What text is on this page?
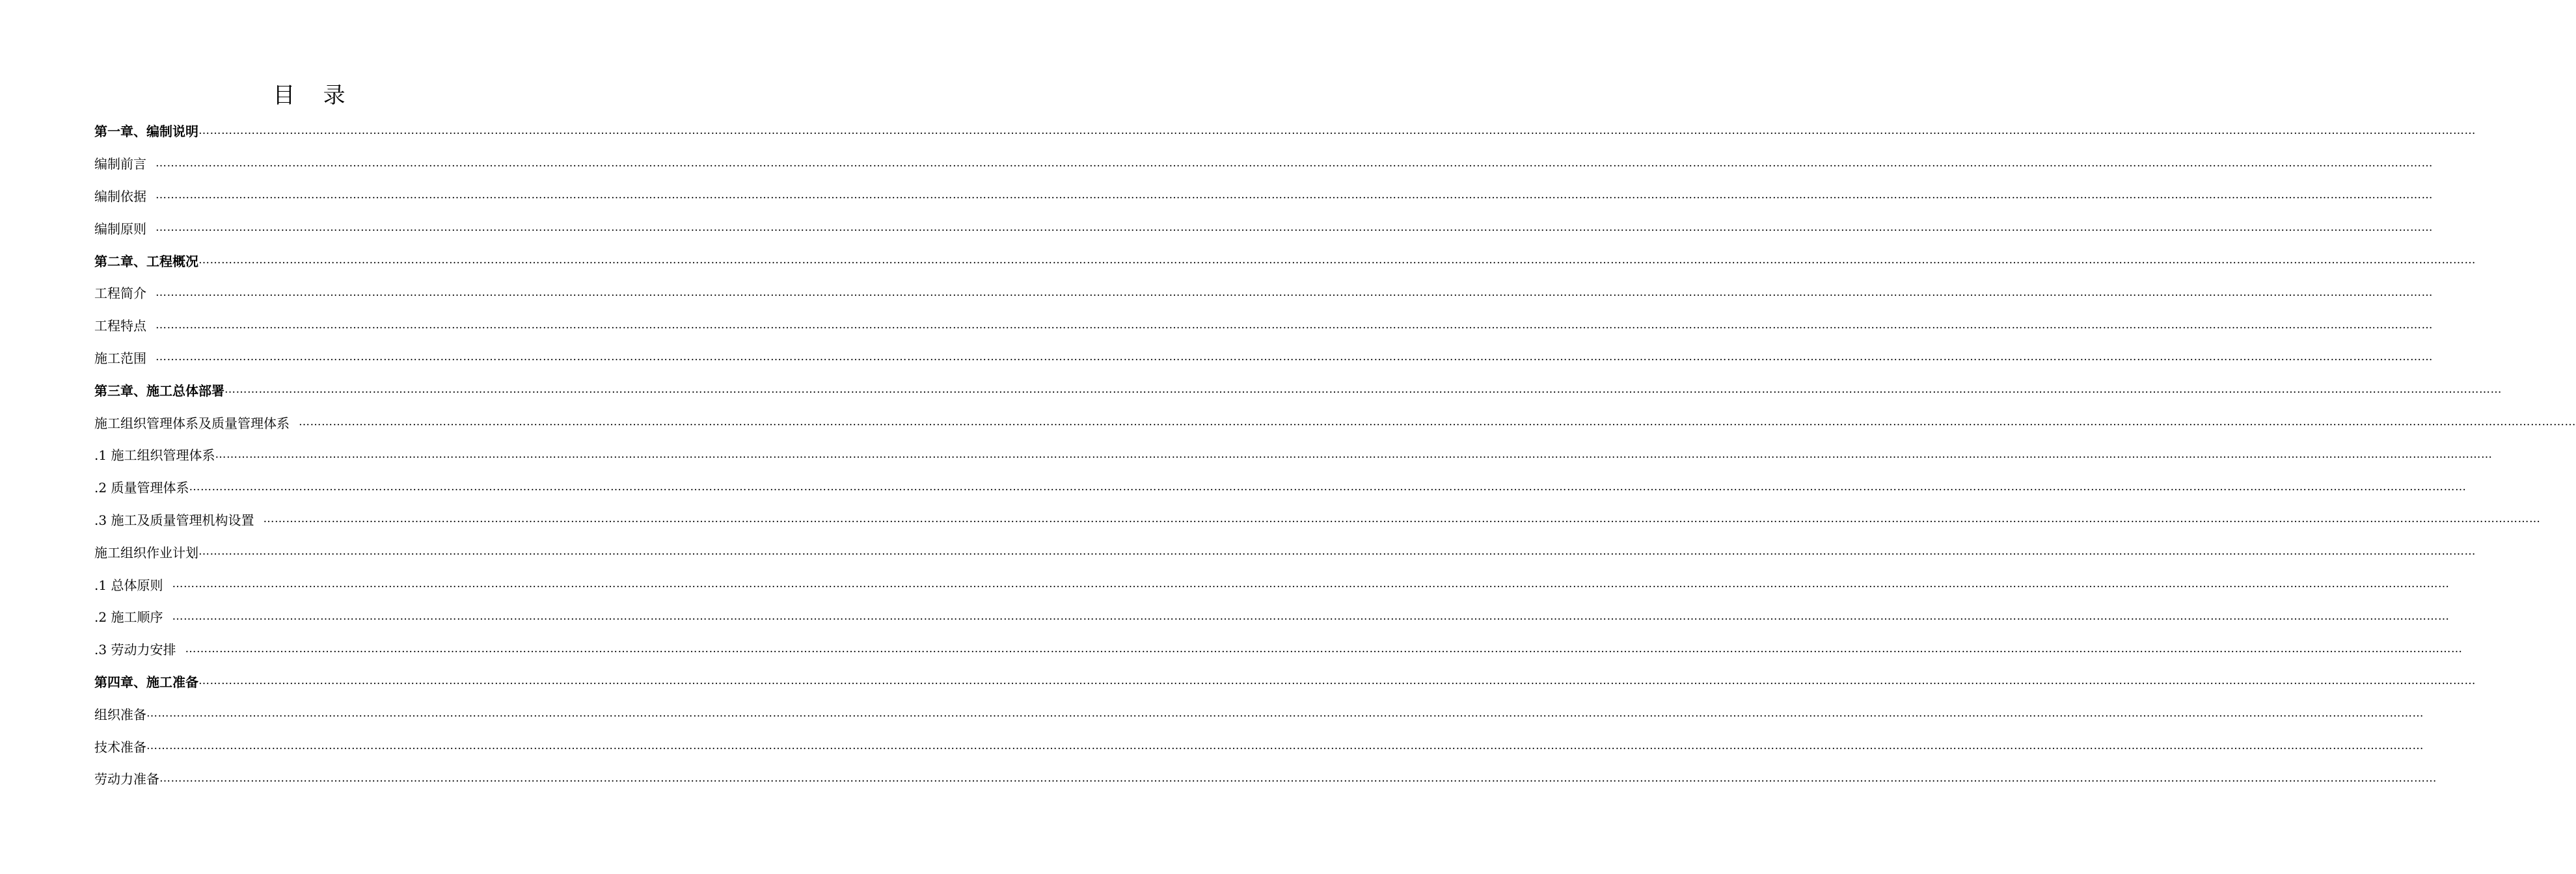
目    录
第一章、编制说明 ……………………………………………………………………………………………………………………………………………………………………………………………………………………………………………………………………………………………………………………………………………………………………………………………………………………………………………………………………………………………………………………………………………………
编制前言 ……………………………………………………………………………………………………………………………………………………………………………………………………………………………………………………………………………………………………………………………………………………………………………………………………………………………………………………………………………………………………………………………………………………
编制依据 ……………………………………………………………………………………………………………………………………………………………………………………………………………………………………………………………………………………………………………………………………………………………………………………………………………………………………………………………………………………………………………………………………………………
编制原则 ……………………………………………………………………………………………………………………………………………………………………………………………………………………………………………………………………………………………………………………………………………………………………………………………………………………………………………………………………………………………………………………………………………………
第二章、工程概况 ……………………………………………………………………………………………………………………………………………………………………………………………………………………………………………………………………………………………………………………………………………………………………………………………………………………………………………………………………………………………………………………………………………………
工程简介 ……………………………………………………………………………………………………………………………………………………………………………………………………………………………………………………………………………………………………………………………………………………………………………………………………………………………………………………………………………………………………………………………………………………
工程特点 ……………………………………………………………………………………………………………………………………………………………………………………………………………………………………………………………………………………………………………………………………………………………………………………………………………………………………………………………………………………………………………………………………………………
施工范围 ……………………………………………………………………………………………………………………………………………………………………………………………………………………………………………………………………………………………………………………………………………………………………………………………………………………………………………………………………………………………………………………………………………………
第三章、施工总体部署 ……………………………………………………………………………………………………………………………………………………………………………………………………………………………………………………………………………………………………………………………………………………………………………………………………………………………………………………………………………………………………………………………………………………
施工组织管理体系及质量管理体系 ……………………………………………………………………………………………………………………………………………………………………………………………………………………………………………………………………………………………………………………………………………………………………………………………………………………………………………………………………………………………………………………………………………………
.1 施工组织管理体系 ……………………………………………………………………………………………………………………………………………………………………………………………………………………………………………………………………………………………………………………………………………………………………………………………………………………………………………………………………………………………………………………………………………………
.2 质量管理体系 ……………………………………………………………………………………………………………………………………………………………………………………………………………………………………………………………………………………………………………………………………………………………………………………………………………………………………………………………………………………………………………………………………………………
.3 施工及质量管理机构设置 ……………………………………………………………………………………………………………………………………………………………………………………………………………………………………………………………………………………………………………………………………………………………………………………………………………………………………………………………………………………………………………………………………………………
施工组织作业计划 ……………………………………………………………………………………………………………………………………………………………………………………………………………………………………………………………………………………………………………………………………………………………………………………………………………………………………………………………………………………………………………………………………………………
.1 总体原则 ……………………………………………………………………………………………………………………………………………………………………………………………………………………………………………………………………………………………………………………………………………………………………………………………………………………………………………………………………………………………………………………………………………………
.2 施工顺序 ……………………………………………………………………………………………………………………………………………………………………………………………………………………………………………………………………………………………………………………………………………………………………………………………………………………………………………………………………………………………………………………………………………………
.3 劳动力安排 ……………………………………………………………………………………………………………………………………………………………………………………………………………………………………………………………………………………………………………………………………………………………………………………………………………………………………………………………………………………………………………………………………………………
第四章、施工准备 ……………………………………………………………………………………………………………………………………………………………………………………………………………………………………………………………………………………………………………………………………………………………………………………………………………………………………………………………………………………………………………………………………………………
组织准备 ……………………………………………………………………………………………………………………………………………………………………………………………………………………………………………………………………………………………………………………………………………………………………………………………………………………………………………………………………………………………………………………………………………………
技术准备 ……………………………………………………………………………………………………………………………………………………………………………………………………………………………………………………………………………………………………………………………………………………………………………………………………………………………………………………………………………………………………………………………………………………
劳动力准备 ……………………………………………………………………………………………………………………………………………………………………………………………………………………………………………………………………………………………………………………………………………………………………………………………………………………………………………………………………………………………………………………………………………………
